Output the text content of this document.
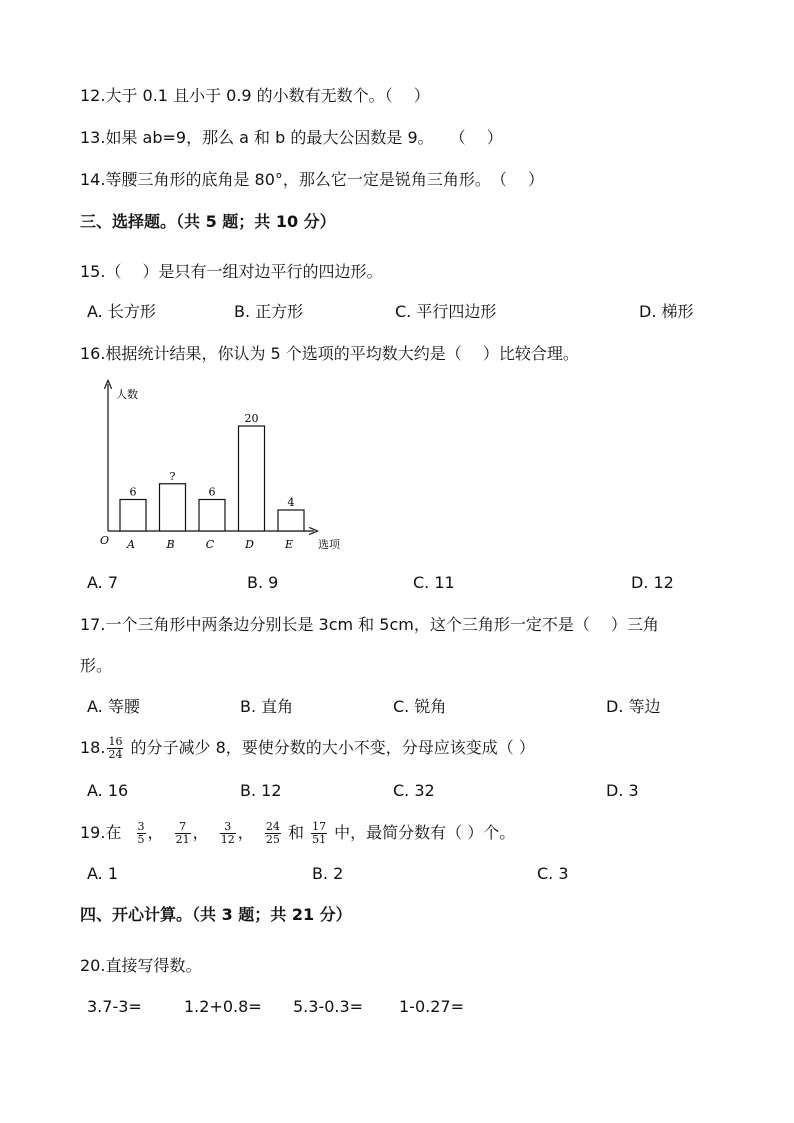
12.大于 0.1 且小于 0.9 的小数有无数个。（　 ）
13.如果 ab=9，那么 a 和 b 的最大公因数是 9。　　（　 ）
14.等腰三角形的底角是 80°，那么它一定是锐角三角形。　（　 ）
三、选择题。（共 5 题；共 10 分）
15.（　 ）是只有一组对边平行的四边形。
A. 长方形	B. 正方形	C. 平行四边形	D. 梯形
16.根据统计结果，你认为 5 个选项的平均数大约是（　 ）比较合理。
人数
选项
O
6
A
?
B
6
C
20
D
4
E
A. 7	B. 9	C. 11	D. 12
17.一个三角形中两条边分别长是 3cm 和 5cm，这个三角形一定不是（　 ）三角
形。
A. 等腰	B. 直角	C. 锐角	D. 等边
18. $\frac{16}{24}$ 的分子减少 8，要使分数的大小不变，分母应该变成（ ）
A. 16	B. 12	C. 32	D. 3
19.在 $\frac{3}{5}$ ， $\frac{7}{21}$ ， $\frac{3}{12}$ ， $\frac{24}{25}$ 和 $\frac{17}{51}$ 中，最简分数有（ ）个。
A. 1	B. 2	C. 3
四、开心计算。（共 3 题；共 21 分）
20.直接写得数。
3.7-3=	1.2+0.8= 5.3-0.3= 1-0.27=
